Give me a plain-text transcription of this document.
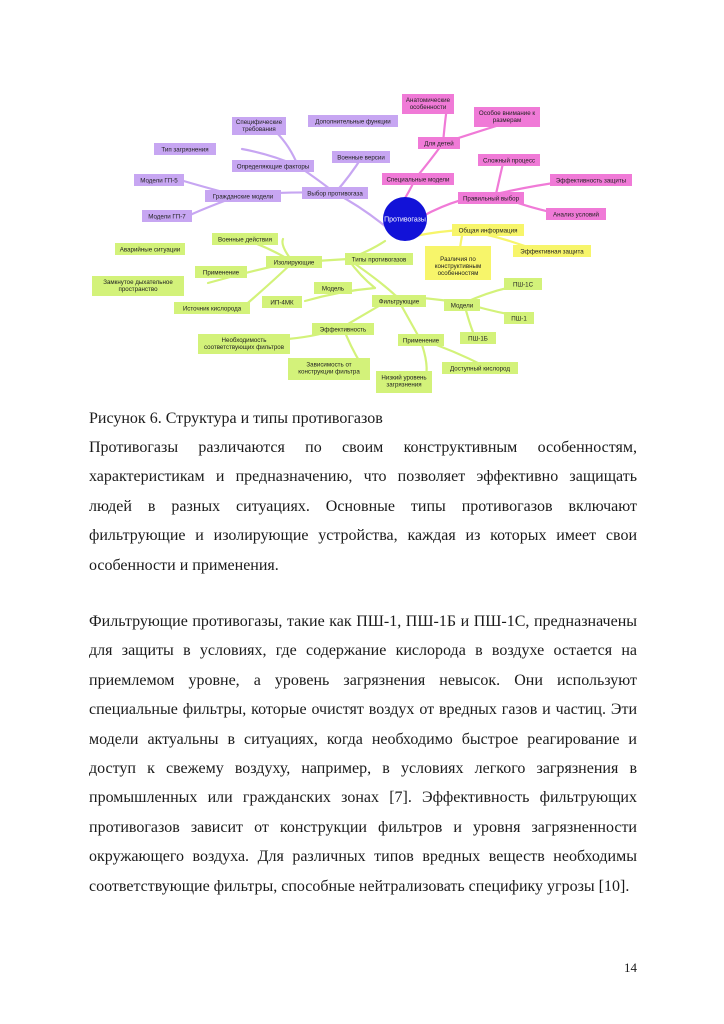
Противогазы
Выбор противогаза
Военные версии
Дополнительные функции
Определяющие факторы
Специфические требования
Тип загрязнения
Гражданские модели
Модели ГП-5
Модели ГП-7
Специальные модели
Для детей
Анатомические особенности
Особое внимание к размерам
Правильный выбор
Сложный процесс
Эффективность защиты
Анализ условий
Общая информация
Различия по конструктивным особенностям
Эффективная защита
Типы противогазов
Изолирующие
Военные действия
Применение
Аварийные ситуации
Замкнутое дыхательное пространство
Источник кислорода
Модель
ИП-4МК	Фильтрующие
Модели
ПШ-1С
ПШ-1
ПШ-1Б
Эффективность
Необходимость соответствующих фильтров
Зависимость от конструкции фильтра
Применение
Низкий уровень загрязнения
Доступный кислород

Рисунок 6. Структура и типы противогазов

Противогазы различаются по своим конструктивным особенностям, характеристикам и предназначению, что позволяет эффективно защищать людей в разных ситуациях. Основные типы противогазов включают фильтрующие и изолирующие устройства, каждая из которых имеет свои особенности и применения.

Фильтрующие противогазы, такие как ПШ-1, ПШ-1Б и ПШ-1С, предназначены для защиты в условиях, где содержание кислорода в воздухе остается на приемлемом уровне, а уровень загрязнения невысок. Они используют специальные фильтры, которые очистят воздух от вредных газов и частиц. Эти модели актуальны в ситуациях, когда необходимо быстрое реагирование и доступ к свежему воздуху, например, в условиях легкого загрязнения в промышленных или гражданских зонах [7]. Эффективность фильтрующих противогазов зависит от конструкции фильтров и уровня загрязненности окружающего воздуха. Для различных типов вредных веществ необходимы соответствующие фильтры, способные нейтрализовать специфику угрозы [10].

14
